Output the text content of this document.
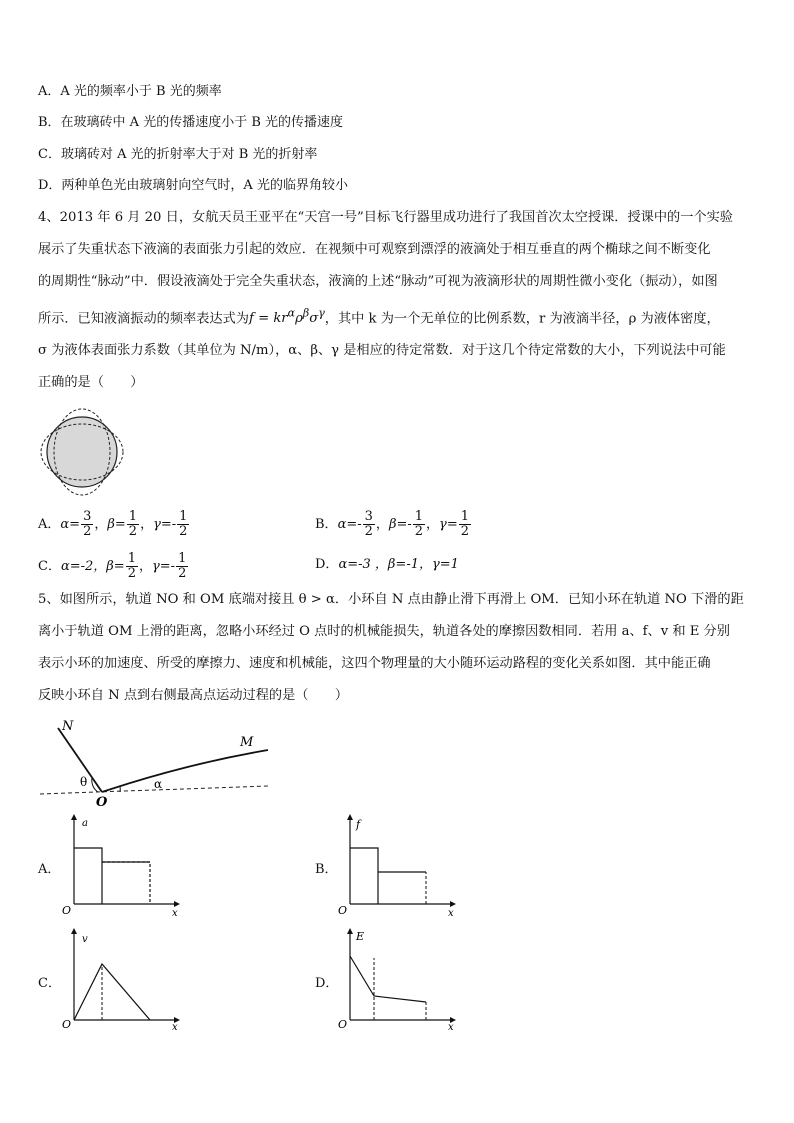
A．A 光的频率小于 B 光的频率
B．在玻璃砖中 A 光的传播速度小于 B 光的传播速度
C．玻璃砖对 A 光的折射率大于对 B 光的折射率
D．两种单色光由玻璃射向空气时，A 光的临界角较小
4、2013 年 6 月 20 日，女航天员王亚平在“天宫一号”目标飞行器里成功进行了我国首次太空授课．授课中的一个实验
展示了失重状态下液滴的表面张力引起的效应．在视频中可观察到漂浮的液滴处于相互垂直的两个椭球之间不断变化
的周期性“脉动”中．假设液滴处于完全失重状态，液滴的上述“脉动”可视为液滴形状的周期性微小变化（振动），如图
所示．已知液滴振动的频率表达式为$f = kr^\alpha\rho^\beta\sigma^\gamma$，其中 k 为一个无单位的比例系数，r 为液滴半径，ρ 为液体密度，
σ 为液体表面张力系数（其单位为 N/m），α、β、γ 是相应的待定常数．对于这几个待定常数的大小，下列说法中可能
正确的是（　　）
A．$\alpha= \frac{3}{2}$ ，$\beta= \frac{1}{2}$ ，$\gamma=- \frac{1}{2}$	B．$\alpha=- \frac{3}{2}$ ，$\beta=- \frac{1}{2}$ ，$\gamma= \frac{1}{2}$
C．α=-2，$\beta= \frac{1}{2}$ ，$\gamma=- \frac{1}{2}$	D．α=-3 ，β=-1，γ=1
5、如图所示，轨道 NO 和 OM 底端对接且 θ > α．小环自 N 点由静止滑下再滑上 OM．已知小环在轨道 NO 下滑的距
离小于轨道 OM 上滑的距离，忽略小环经过 O 点时的机械能损失，轨道各处的摩擦因数相同．若用 a、f、v 和 E 分别
表示小环的加速度、所受的摩擦力、速度和机械能，这四个物理量的大小随环运动路程的变化关系如图．其中能正确
反映小环自 N 点到右侧最高点运动过程的是（　　）
N
M
O
θ	α
A．
a
O	x
B．
f
O	x
C．
v
O	x
D．
E
O	x
